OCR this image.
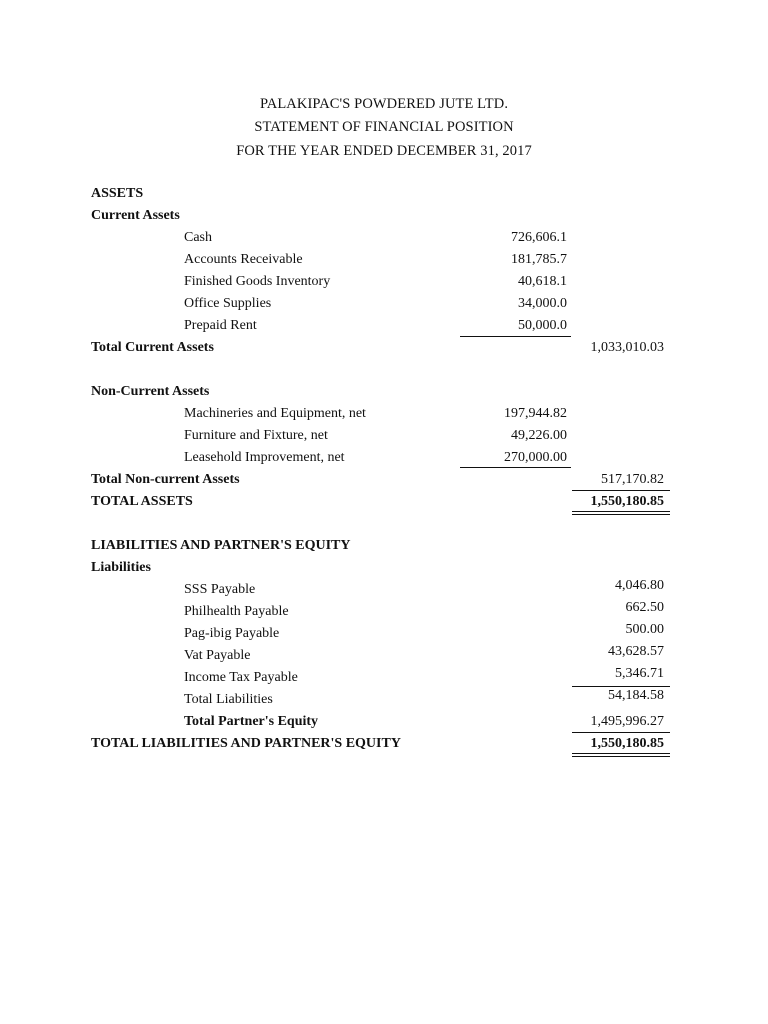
PALAKIPAC'S POWDERED JUTE LTD.
STATEMENT OF FINANCIAL POSITION
FOR THE YEAR ENDED DECEMBER 31, 2017
ASSETS
Current Assets
Cash	726,606.1
Accounts Receivable	181,785.7
Finished Goods Inventory	40,618.1
Office Supplies	34,000.0
Prepaid Rent	50,000.0
Total Current Assets	1,033,010.03
Non-Current Assets
Machineries and Equipment, net	197,944.82
Furniture and Fixture, net	49,226.00
Leasehold Improvement, net	270,000.00
Total Non-current Assets	517,170.82
TOTAL ASSETS	1,550,180.85
LIABILITIES AND PARTNER'S EQUITY
Liabilities
SSS Payable	4,046.80
Philhealth Payable	662.50
Pag-ibig Payable	500.00
Vat Payable	43,628.57
Income Tax Payable	5,346.71
Total Liabilities	54,184.58
Total Partner's Equity	1,495,996.27
TOTAL LIABILITIES AND PARTNER'S EQUITY	1,550,180.85
